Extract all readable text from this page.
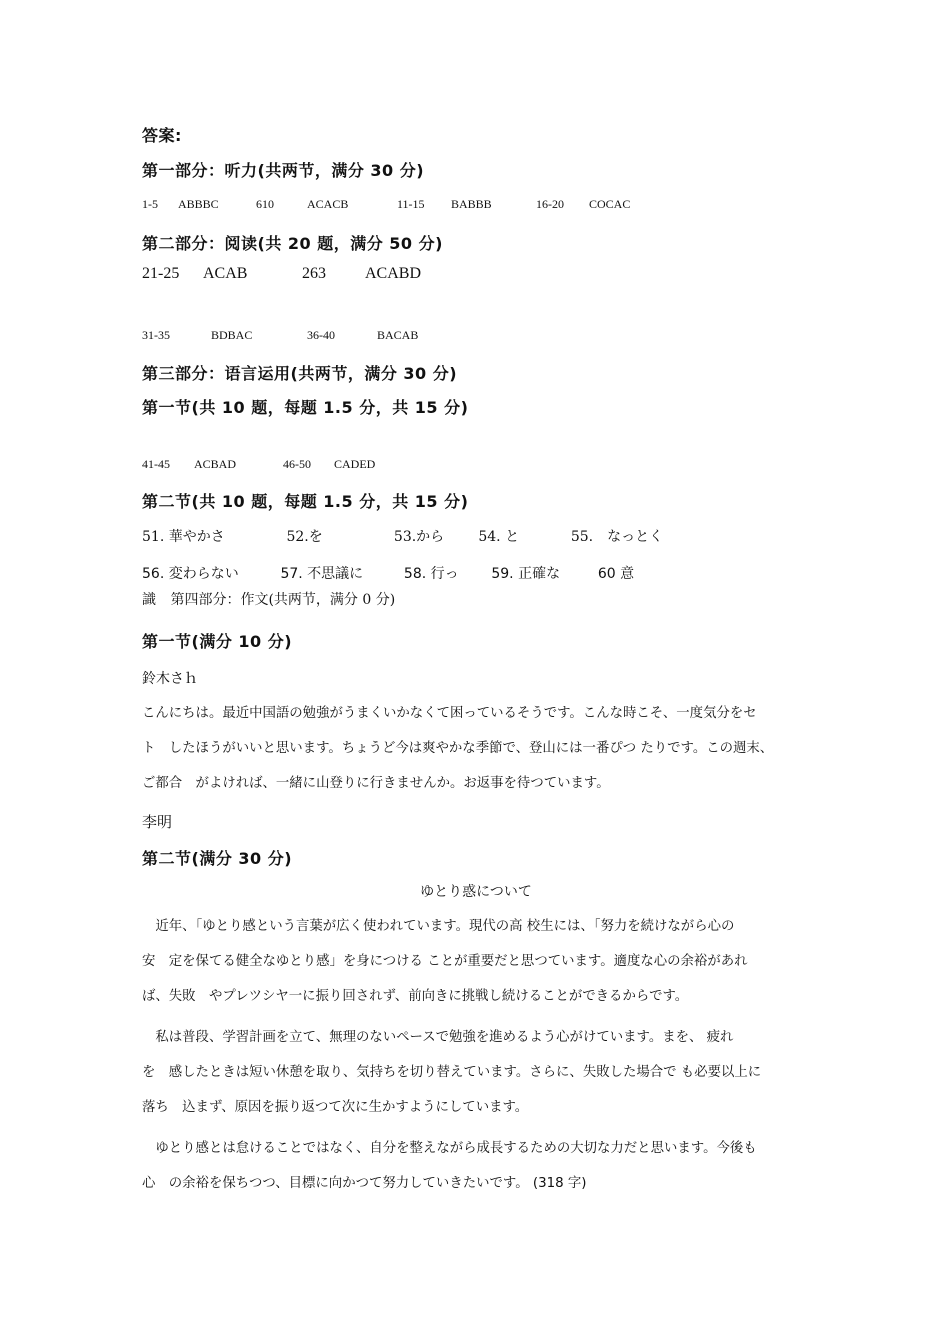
答案:
第一部分：听力(共两节，满分 30 分)
1-5 ABBBC	610	ACACB	11-15 BABBB	16-20 COCAC
第二部分：阅读(共 20 题，满分 50 分)
21-25 ACAB	263 ACABD
31-35	BDBAC	36-40	BACAB
第三部分：语言运用(共两节，满分 30 分)
第一节(共 10 题，每题 1.5 分，共 15 分)
41-45 ACBAD	46-50 CADED
第二节(共 10 题，每题 1.5 分，共 15 分)
51. 華やかさ	52.を	53.から 54. と	55.　なっとく
56. 変わらない	57. 不思議に	58. 行っ 59. 正確な	60 意
識 第四部分：作文(共两节，满分 0 分)
第一节(满分 10 分)
鈴木さｈ
こんにちは。最近中国語の勉強がうまくいかなくて困っているそうです。こんな時こそ、一度気分をセ
ト　したほうがいいと思います。ちょうど今は爽やかな季節で、登山には一番ぴつ たりです。この週末、
ご都合　がよければ、一緒に山登りに行きませんか。お返事を待つています。
李明
第二节(满分 30 分)
ゆとり惑について
　近年、「ゆとり感という言葉が広く使われています。現代の高 校生には、「努力を続けながら心の
安　定を保てる健全なゆとり感」を身につける ことが重要だと思つています。適度な心の余裕があれ
ば、失敗　やプレツシヤ一に振り回されず、前向きに挑戦し続けることができるからです。
　私は普段、学習計画を立て、無理のないペースで勉強を進めるよう心がけています。まを、 疲れ
を　感したときは短い休憩を取り、気持ちを切り替えています。さらに、失敗した場合で も必要以上に
落ち　込まず、原因を振り返つて次に生かすようにしています。
　ゆとり感とは怠けることではなく、自分を整えながら成長するための大切な力だと思います。今後も
心　の余裕を保ちつつ、目標に向かつて努力していきたいです。 (318 字)
